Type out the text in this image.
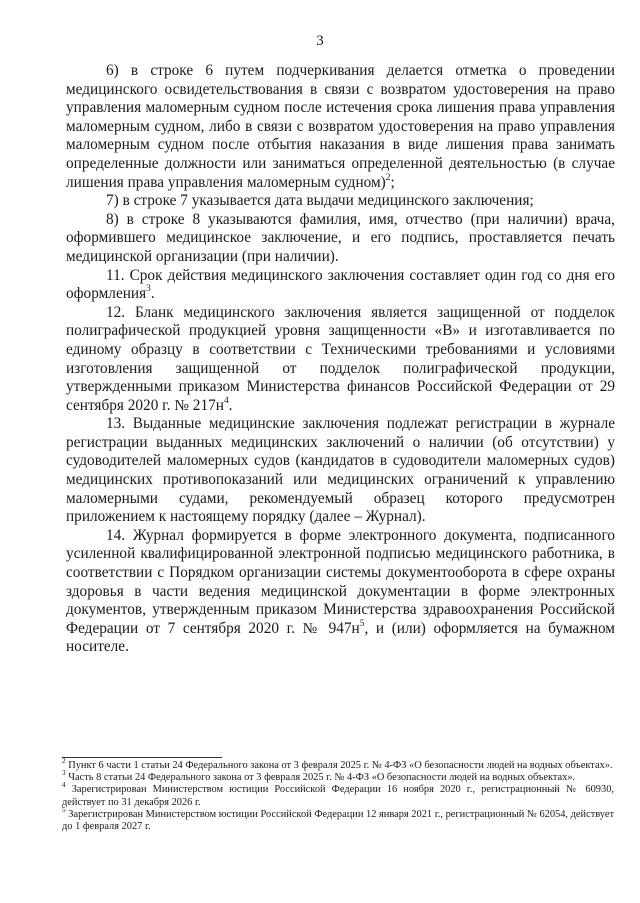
3

6) в строке 6 путем подчеркивания делается отметка о проведении медицинского освидетельствования в связи с возвратом удостоверения на право управления маломерным судном после истечения срока лишения права управления маломерным судном, либо в связи с возвратом удостоверения на право управления маломерным судном после отбытия наказания в виде лишения права занимать определенные должности или заниматься определенной деятельностью (в случае лишения права управления маломерным судном)$^2$;

7) в строке 7 указывается дата выдачи медицинского заключения;

8) в строке 8 указываются фамилия, имя, отчество (при наличии) врача, оформившего медицинское заключение, и его подпись, проставляется печать медицинской организации (при наличии).

11. Срок действия медицинского заключения составляет один год со дня его оформления$^3$.

12. Бланк медицинского заключения является защищенной от подделок полиграфической продукцией уровня защищенности «В» и изготавливается по единому образцу в соответствии с Техническими требованиями и условиями изготовления защищенной от подделок полиграфической продукции, утвержденными приказом Министерства финансов Российской Федерации от 29 сентября 2020 г. № $217н^4$.

13. Выданные медицинские заключения подлежат регистрации в журнале регистрации выданных медицинских заключений о наличии (об отсутствии) у судоводителей маломерных судов (кандидатов в судоводители маломерных судов) медицинских противопоказаний или медицинских ограничений к управлению маломерными судами, рекомендуемый образец которого предусмотрен приложением к настоящему порядку (далее – Журнал).

14. Журнал формируется в форме электронного документа, подписанного усиленной квалифицированной электронной подписью медицинского работника, в соответствии с Порядком организации системы документооборота в сфере охраны здоровья в части ведения медицинской документации в форме электронных документов, утвержденным приказом Министерства здравоохранения Российской Федерации от 7 сентября 2020 г. № $947н^5$, и (или) оформляется на бумажном носителе.

$^2$ Пункт 6 части 1 статьи 24 Федерального закона от 3 февраля 2025 г. № 4-ФЗ «О безопасности людей на водных объектах».

$^3$ Часть 8 статьи 24 Федерального закона от 3 февраля 2025 г. № 4-ФЗ «О безопасности людей на водных объектах».

$^4$ Зарегистрирован Министерством юстиции Российской Федерации 16 ноября 2020 г., регистрационный № 60930, действует по 31 декабря 2026 г.

$^5$ Зарегистрирован Министерством юстиции Российской Федерации 12 января 2021 г., регистрационный № 62054, действует до 1 февраля 2027 г.
